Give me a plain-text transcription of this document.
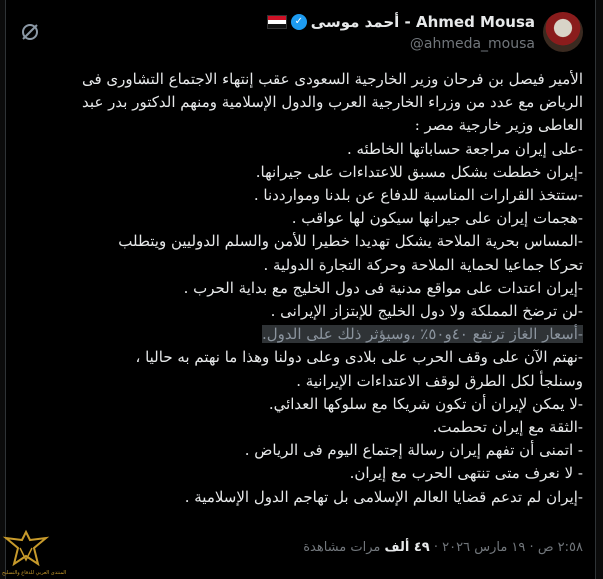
✓ أحمد موسى - Ahmed Mousa
@ahmeda_mousa

الأمير فيصل بن فرحان وزير الخارجية السعودى عقب إنتهاء الاجتماع التشاورى فى

الرياض مع عدد من وزراء الخارجية العرب والدول الإسلامية ومنهم الدكتور بدر عبد

العاطى وزير خارجية مصر :

-على إيران مراجعة حساباتها الخاطئه .

-إيران خططت بشكل مسبق للاعتداءات على جيرانها.

-ستتخذ القرارات المناسبة للدفاع عن بلدنا وموارددنا .

-هجمات إيران على جيرانها سيكون لها عواقب .

-المساس بحرية الملاحة يشكل تهديدا خطيرا للأمن والسلم الدوليين ويتطلب

تحركا جماعيا لحماية الملاحة وحركة التجارة الدولية .

-إيران اعتدات على مواقع مدنية فى دول الخليج مع بداية الحرب .

-لن ترضخ المملكة ولا دول الخليج للإبتزاز الإيرانى .

-أسعار الغاز ترتفع ٤٠و٥٠٪ ،وسيؤثر ذلك على الدول.

-نهتم الآن على وقف الحرب على بلادى وعلى دولنا وهذا ما نهتم به حاليا ،

وسنلجأ لكل الطرق لوقف الاعتداءات الإيرانية .

-لا يمكن لإيران أن تكون شريكا مع سلوكها العدائي.

-الثقة مع إيران تحطمت.

- اتمنى أن تفهم إيران رسالة إجتماع اليوم فى الرياض .

- لا نعرف متى تنتهى الحرب مع إيران.

-إيران لم تدعم قضايا العالم الإسلامى بل تهاجم الدول الإسلامية .

٢:٥٨ ص · ١٩ مارس ٢٠٢٦ · ٤٩ ألف مرات مشاهدة
المنتدى العربي للدفاع والتسليح
